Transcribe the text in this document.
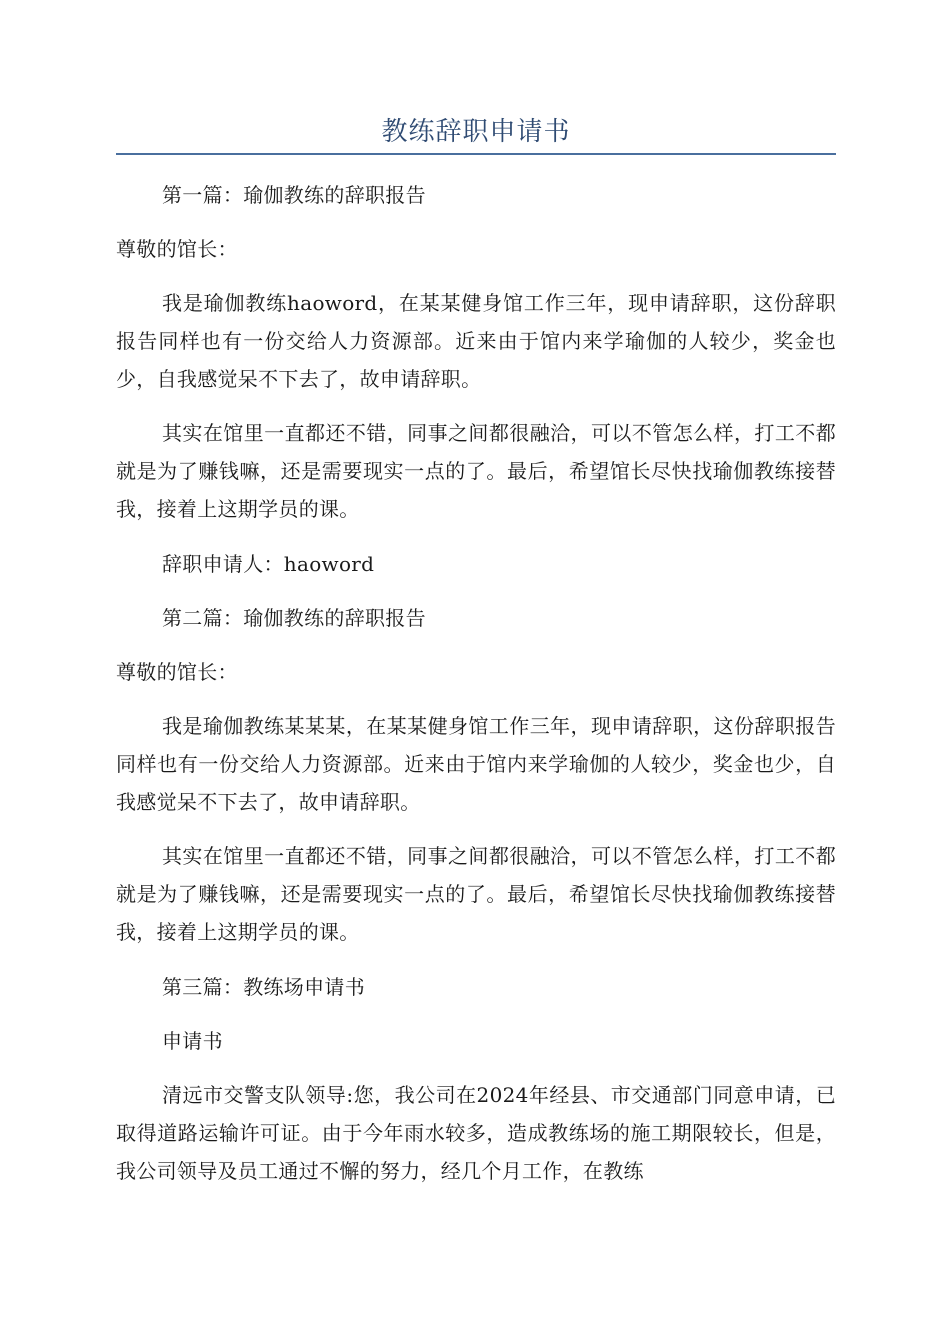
教练辞职申请书

第一篇：瑜伽教练的辞职报告

尊敬的馆长：

我是瑜伽教练haoword，在某某健身馆工作三年，现申请辞职，这份辞职报告同样也有一份交给人力资源部。近来由于馆内来学瑜伽的人较少，奖金也少，自我感觉呆不下去了，故申请辞职。

其实在馆里一直都还不错，同事之间都很融洽，可以不管怎么样，打工不都就是为了赚钱嘛，还是需要现实一点的了。最后，希望馆长尽快找瑜伽教练接替我，接着上这期学员的课。

辞职申请人：haoword

第二篇：瑜伽教练的辞职报告

尊敬的馆长：

我是瑜伽教练某某某，在某某健身馆工作三年，现申请辞职，这份辞职报告同样也有一份交给人力资源部。近来由于馆内来学瑜伽的人较少，奖金也少，自我感觉呆不下去了，故申请辞职。

其实在馆里一直都还不错，同事之间都很融洽，可以不管怎么样，打工不都就是为了赚钱嘛，还是需要现实一点的了。最后，希望馆长尽快找瑜伽教练接替我，接着上这期学员的课。

第三篇：教练场申请书

申请书

清远市交警支队领导:您，我公司在2024年经县、市交通部门同意申请，已取得道路运输许可证。由于今年雨水较多，造成教练场的施工期限较长，但是，我公司领导及员工通过不懈的努力，经几个月工作，在教练
